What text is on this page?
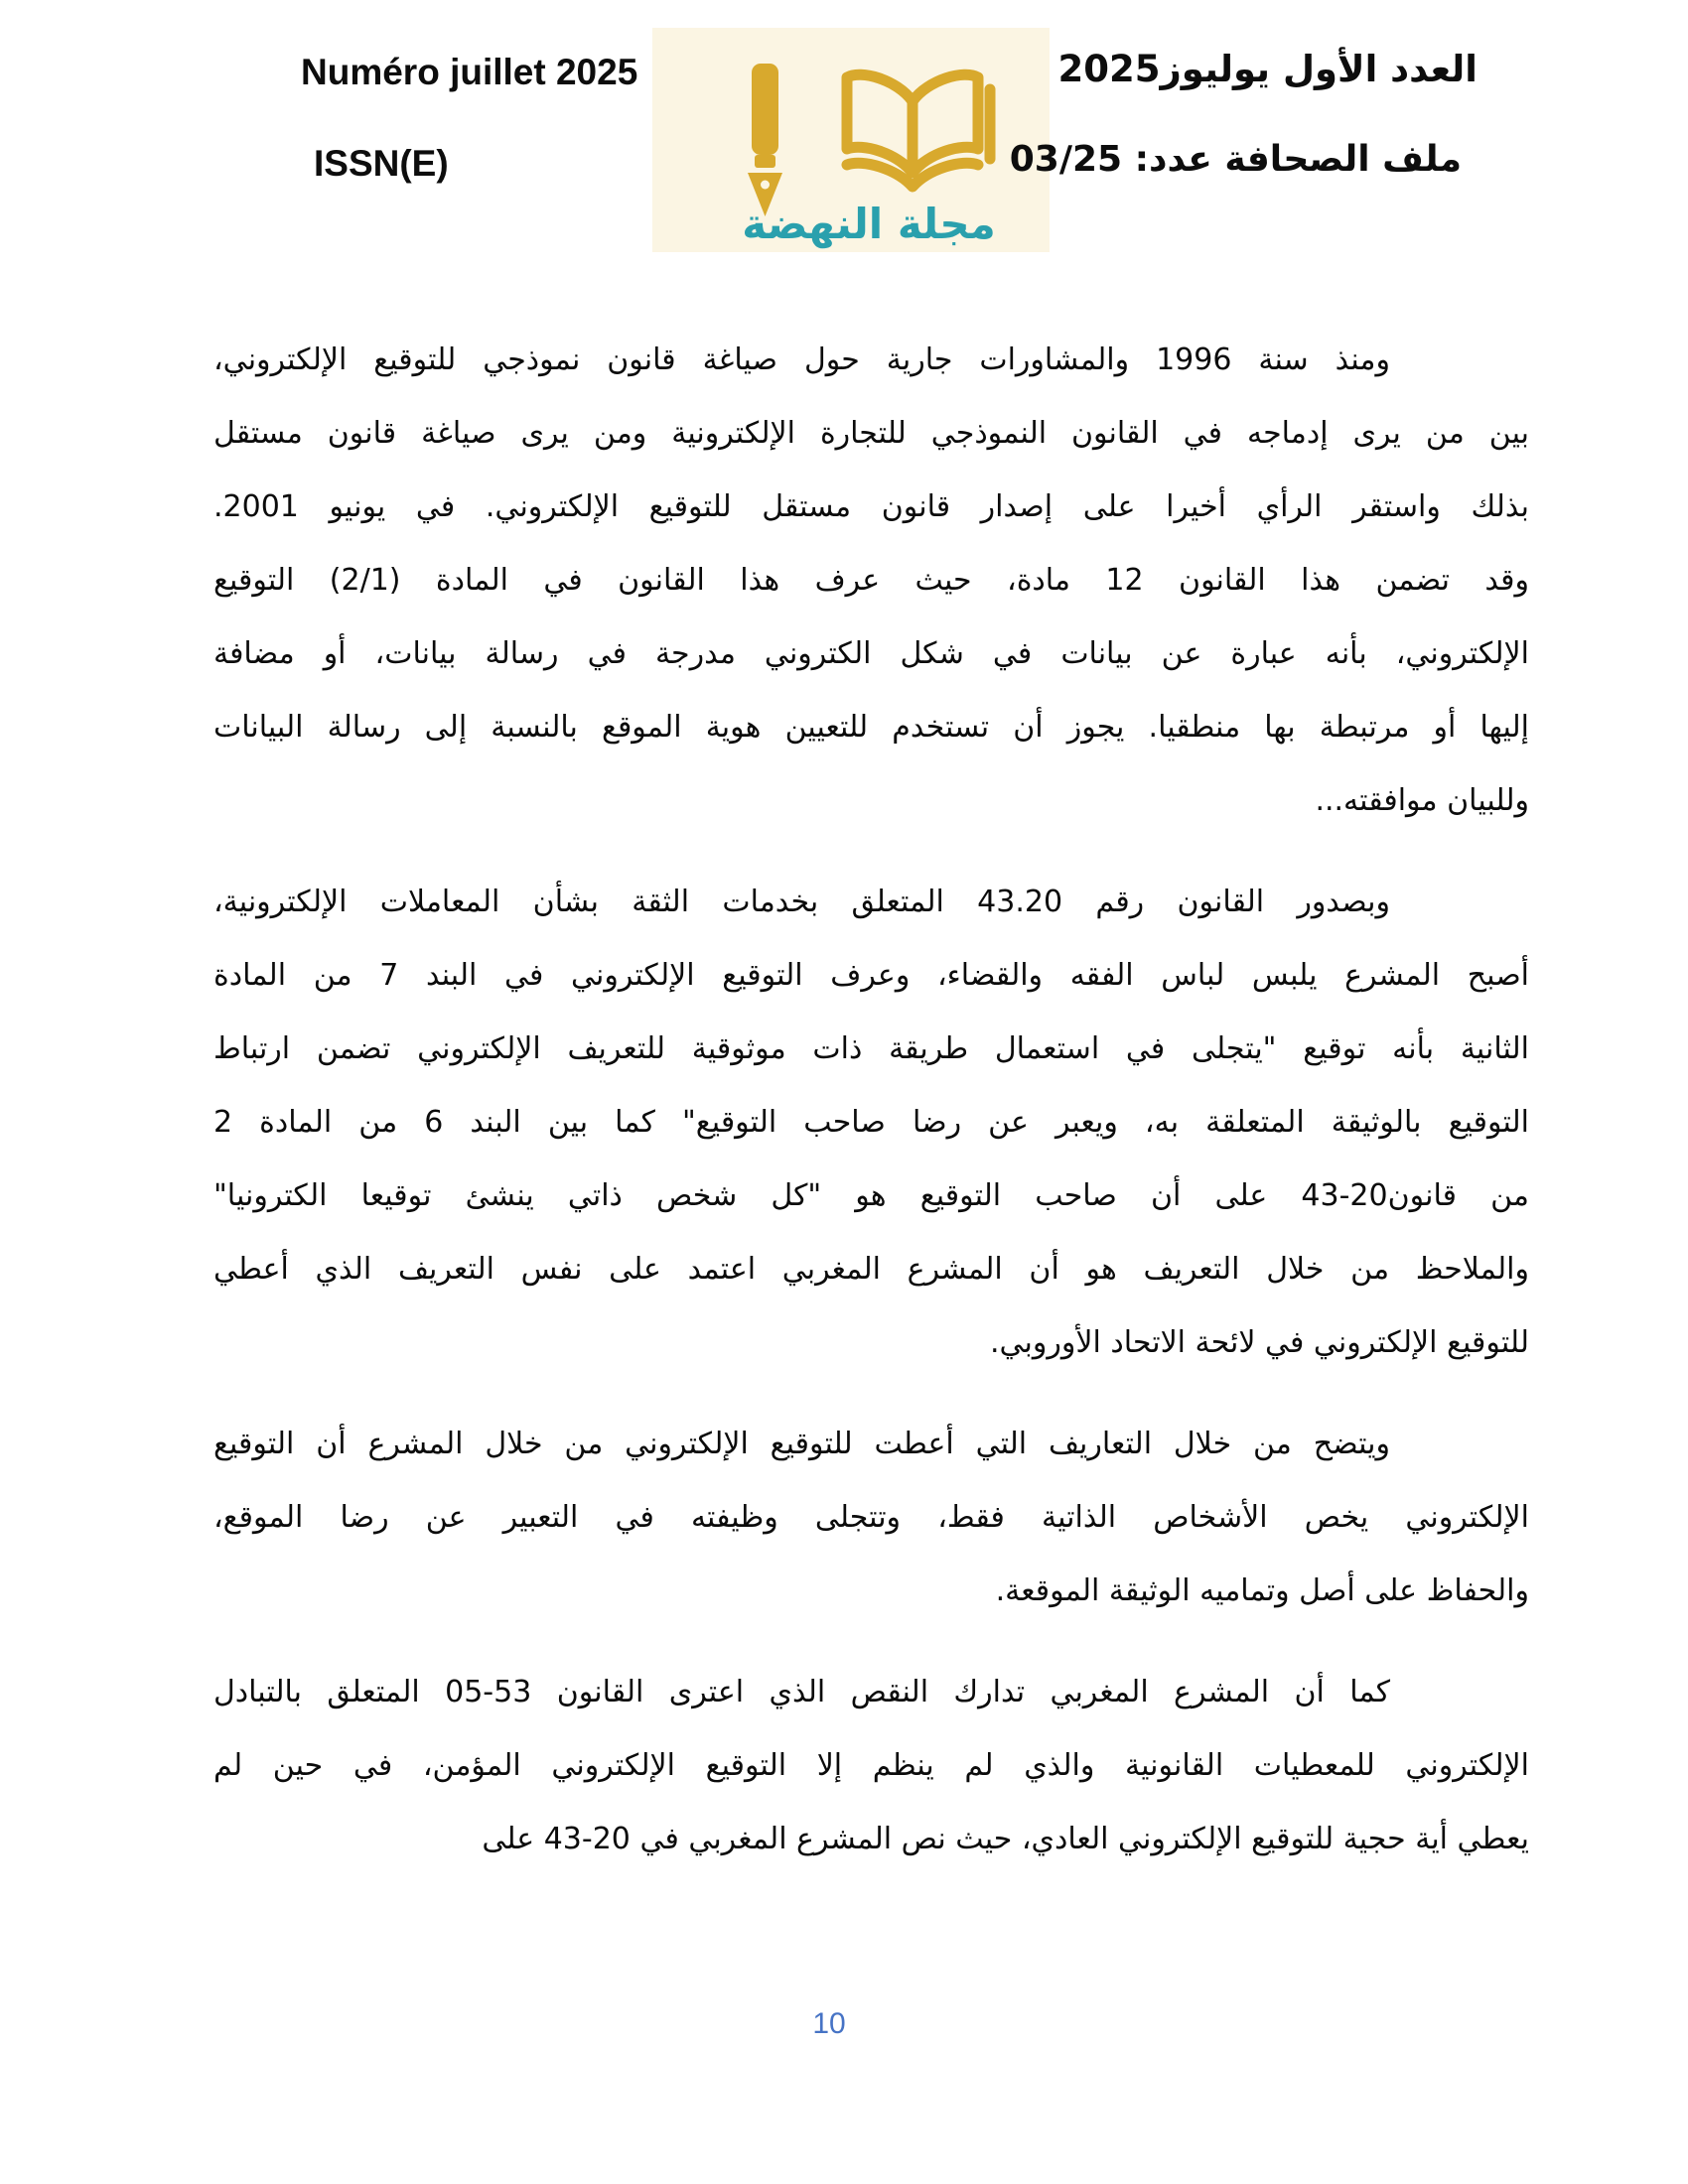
Numéro juillet 2025
ISSN(E)
مجلة النهضة
العدد الأول يوليوز2025
ملف الصحافة عدد: 03/25
ومنذ سنة 1996 والمشاورات جارية حول صياغة قانون نموذجي للتوقيع الإلكتروني،
بين من يرى إدماجه في القانون النموذجي للتجارة الإلكترونية ومن يرى صياغة قانون مستقل
بذلك واستقر الرأي أخيرا على إصدار قانون مستقل للتوقيع الإلكتروني. في يونيو 2001.
وقد تضمن هذا القانون 12 مادة، حيث عرف هذا القانون في المادة (2/1) التوقيع
الإلكتروني، بأنه عبارة عن بيانات في شكل الكتروني مدرجة في رسالة بيانات، أو مضافة
إليها أو مرتبطة بها منطقيا. يجوز أن تستخدم للتعيين هوية الموقع بالنسبة إلى رسالة البيانات
وللبيان موافقته...
وبصدور القانون رقم 43.20 المتعلق بخدمات الثقة بشأن المعاملات الإلكترونية،
أصبح المشرع يلبس لباس الفقه والقضاء، وعرف التوقيع الإلكتروني في البند 7 من المادة
الثانية بأنه توقيع "يتجلى في استعمال طريقة ذات موثوقية للتعريف الإلكتروني تضمن ارتباط
التوقيع بالوثيقة المتعلقة به، ويعبر عن رضا صاحب التوقيع" كما بين البند 6 من المادة 2
من قانون20-43 على أن صاحب التوقيع هو "كل شخص ذاتي ينشئ توقيعا الكترونيا"
والملاحظ من خلال التعريف هو أن المشرع المغربي اعتمد على نفس التعريف الذي أعطي
للتوقيع الإلكتروني في لائحة الاتحاد الأوروبي.
ويتضح من خلال التعاريف التي أعطت للتوقيع الإلكتروني من خلال المشرع أن التوقيع
الإلكتروني يخص الأشخاص الذاتية فقط، وتتجلى وظيفته في التعبير عن رضا الموقع،
والحفاظ على أصل وتماميه الوثيقة الموقعة.
كما أن المشرع المغربي تدارك النقص الذي اعترى القانون 53-05 المتعلق بالتبادل
الإلكتروني للمعطيات القانونية والذي لم ينظم إلا التوقيع الإلكتروني المؤمن، في حين لم
يعطي أية حجية للتوقيع الإلكتروني العادي، حيث نص المشرع المغربي في 20-43 على
10
